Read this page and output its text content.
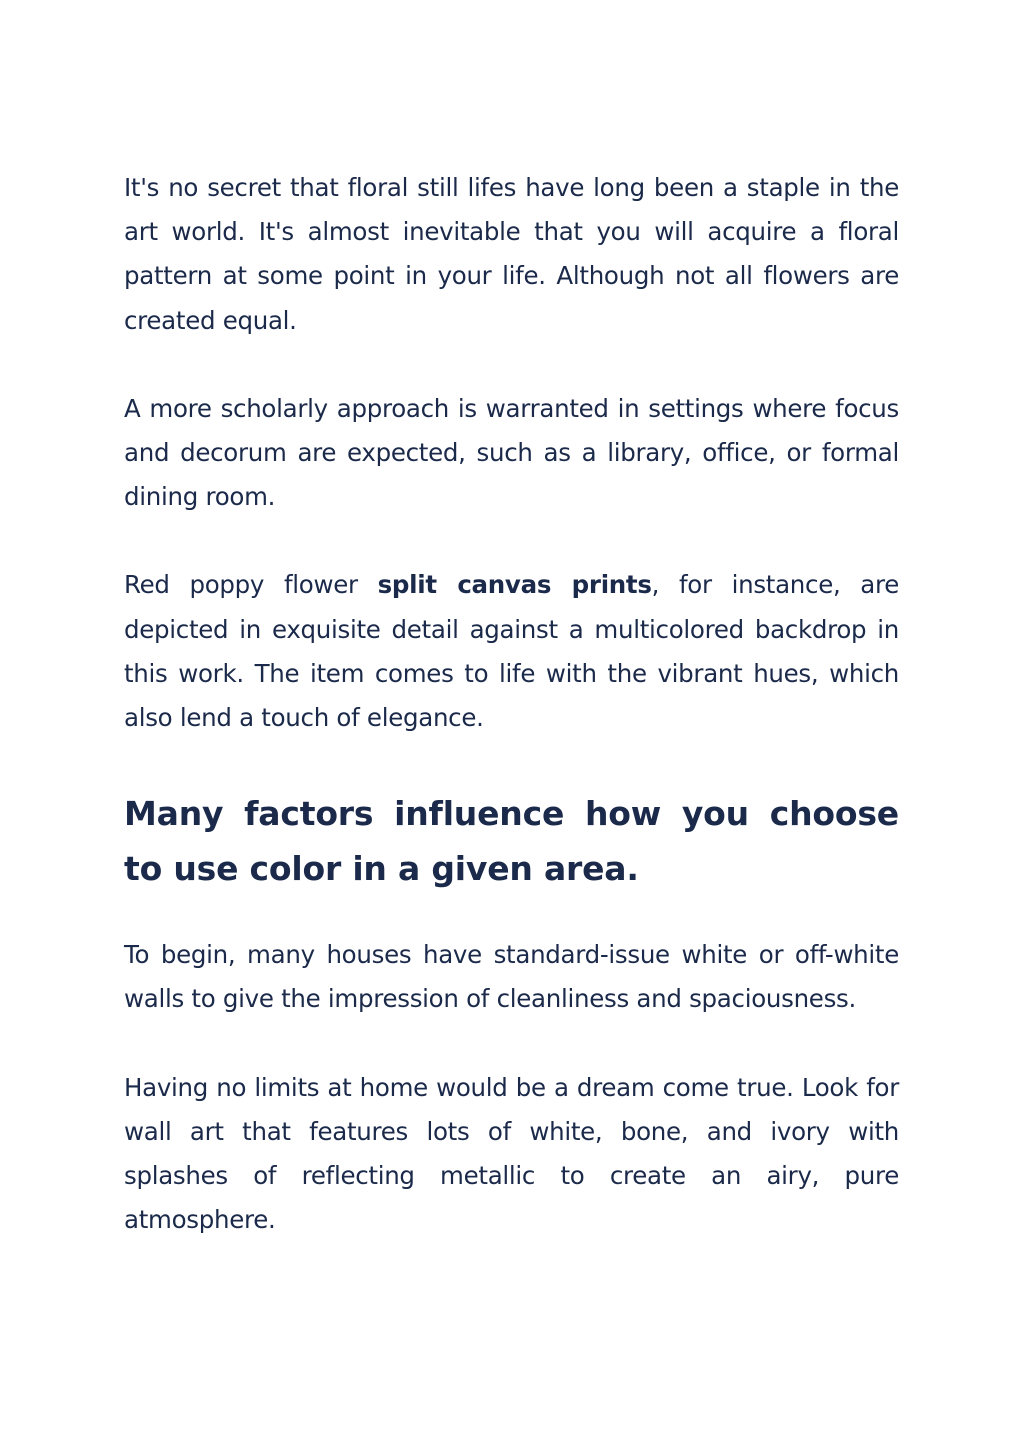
It's no secret that floral still lifes have long been a staple in the art world. It's almost inevitable that you will acquire a floral pattern at some point in your life. Although not all flowers are created equal.

A more scholarly approach is warranted in settings where focus and decorum are expected, such as a library, office, or formal dining room.

Red poppy flower split canvas prints, for instance, are depicted in exquisite detail against a multicolored backdrop in this work. The item comes to life with the vibrant hues, which also lend a touch of elegance.

Many factors influence how you choose to use color in a given area.

To begin, many houses have standard-issue white or off-white walls to give the impression of cleanliness and spaciousness.

Having no limits at home would be a dream come true. Look for wall art that features lots of white, bone, and ivory with splashes of reflecting metallic to create an airy, pure atmosphere.
